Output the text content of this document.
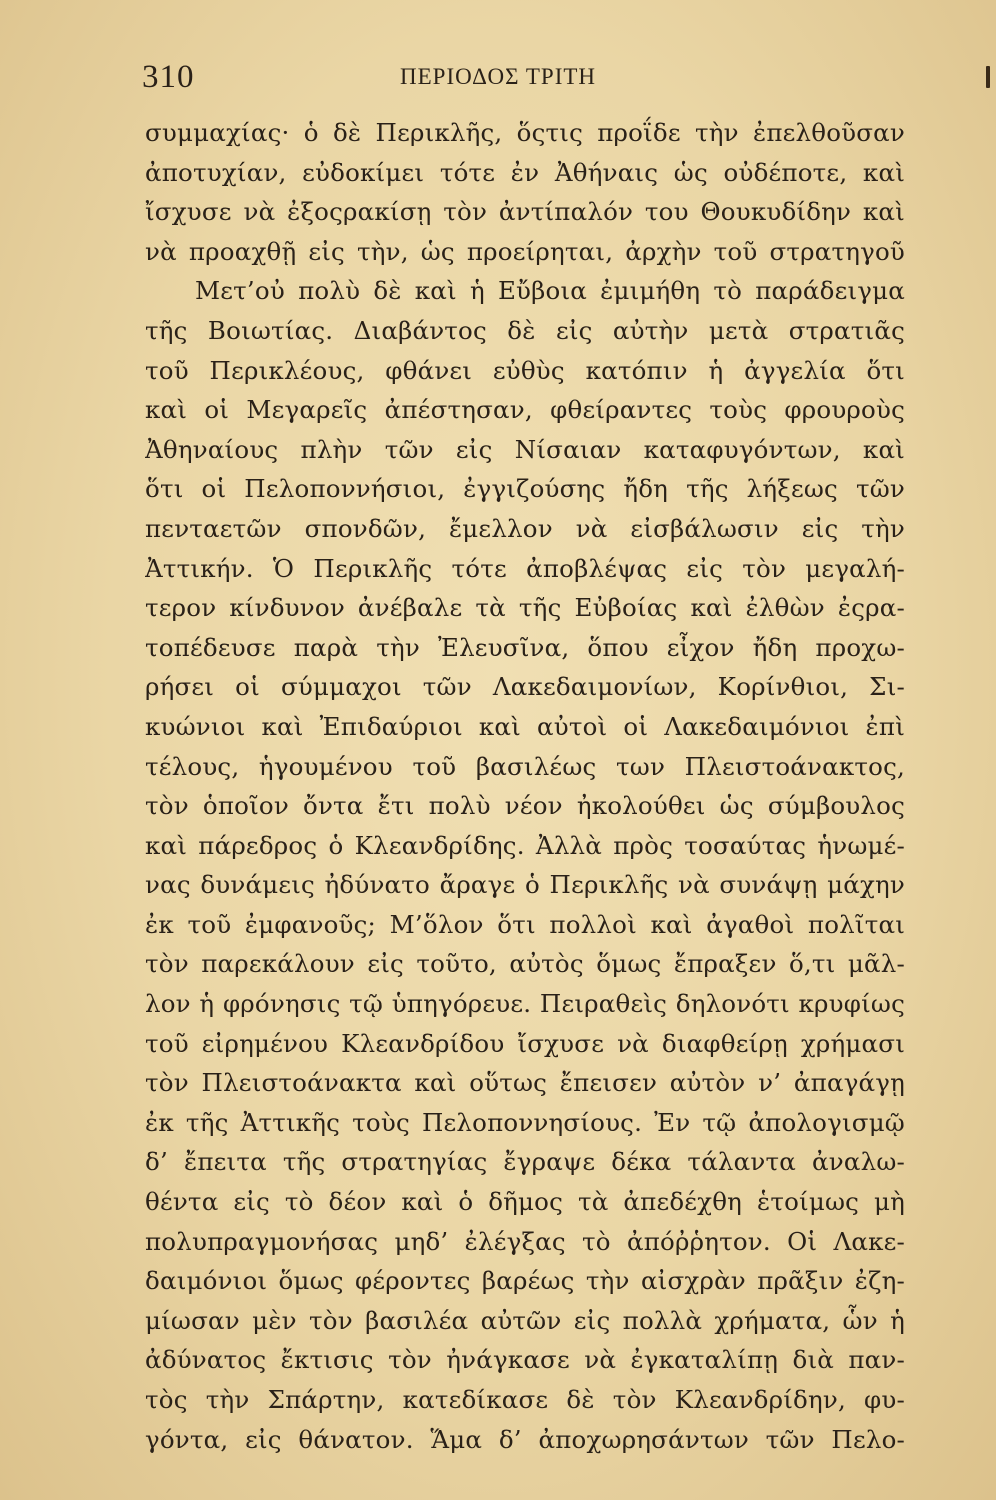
310	ΠΕΡΙΟΔΟΣ ΤΡΙΤΗ
συμμαχίας· ὁ δὲ Περικλῆς, ὅςτις προΐδε τὴν ἐπελθοῦσαν
ἀποτυχίαν, εὐδοκίμει τότε ἐν Ἀθήναις ὡς οὐδέποτε, καὶ
ἴσχυσε νὰ ἐξοςρακίσῃ τὸν ἀντίπαλόν του Θουκυδίδην καὶ
νὰ προαχθῇ εἰς τὴν, ὡς προείρηται, ἀρχὴν τοῦ στρατηγοῦ
Μετ’οὐ πολὺ δὲ καὶ ἡ Εὔβοια ἐμιμήθη τὸ παράδειγμα
τῆς Βοιωτίας. Διαβάντος δὲ εἰς αὐτὴν μετὰ στρατιᾶς
τοῦ Περικλέους, φθάνει εὐθὺς κατόπιν ἡ ἀγγελία ὅτι
καὶ οἱ Μεγαρεῖς ἀπέστησαν, φθείραντες τοὺς φρουροὺς
Ἀθηναίους πλὴν τῶν εἰς Νίσαιαν καταφυγόντων, καὶ
ὅτι οἱ Πελοποννήσιοι, ἐγγιζούσης ἤδη τῆς λήξεως τῶν
πενταετῶν σπονδῶν, ἔμελλον νὰ εἰσβάλωσιν εἰς τὴν
Ἀττικήν. Ὁ Περικλῆς τότε ἀποβλέψας εἰς τὸν μεγαλή-
τερον κίνδυνον ἀνέβαλε τὰ τῆς Εὐβοίας καὶ ἐλθὼν ἐςρα-
τοπέδευσε παρὰ τὴν Ἐλευσῖνα, ὅπου εἶχον ἤδη προχω-
ρήσει οἱ σύμμαχοι τῶν Λακεδαιμονίων, Κορίνθιοι, Σι-
κυώνιοι καὶ Ἐπιδαύριοι καὶ αὐτοὶ οἱ Λακεδαιμόνιοι ἐπὶ
τέλους, ἡγουμένου τοῦ βασιλέως των Πλειστοάνακτος,
τὸν ὁποῖον ὄντα ἔτι πολὺ νέον ἠκολούθει ὡς σύμβουλος
καὶ πάρεδρος ὁ Κλεανδρίδης. Ἀλλὰ πρὸς τοσαύτας ἡνωμέ-
νας δυνάμεις ἠδύνατο ἄραγε ὁ Περικλῆς νὰ συνάψῃ μάχην
ἐκ τοῦ ἐμφανοῦς; Μ’ὅλον ὅτι πολλοὶ καὶ ἀγαθοὶ πολῖται
τὸν παρεκάλουν εἰς τοῦτο, αὐτὸς ὅμως ἔπραξεν ὅ,τι μᾶλ-
λον ἡ φρόνησις τῷ ὑπηγόρευε. Πειραθεὶς δηλονότι κρυφίως
τοῦ εἰρημένου Κλεανδρίδου ἴσχυσε νὰ διαφθείρῃ χρήμασι
τὸν Πλειστοάνακτα καὶ οὕτως ἔπεισεν αὐτὸν ν’ ἀπαγάγῃ
ἐκ τῆς Ἀττικῆς τοὺς Πελοποννησίους. Ἐν τῷ ἀπολογισμῷ
δ’ ἔπειτα τῆς στρατηγίας ἔγραψε δέκα τάλαντα ἀναλω-
θέντα εἰς τὸ δέον καὶ ὁ δῆμος τὰ ἀπεδέχθη ἑτοίμως μὴ
πολυπραγμονήσας μηδ’ ἐλέγξας τὸ ἀπόῤῥητον. Οἱ Λακε-
δαιμόνιοι ὅμως φέροντες βαρέως τὴν αἰσχρὰν πρᾶξιν ἐζη-
μίωσαν μὲν τὸν βασιλέα αὐτῶν εἰς πολλὰ χρήματα, ὧν ἡ
ἀδύνατος ἔκτισις τὸν ἠνάγκασε νὰ ἐγκαταλίπῃ διὰ παν-
τὸς τὴν Σπάρτην, κατεδίκασε δὲ τὸν Κλεανδρίδην, φυ-
γόντα, εἰς θάνατον. Ἅμα δ’ ἀποχωρησάντων τῶν Πελο-
